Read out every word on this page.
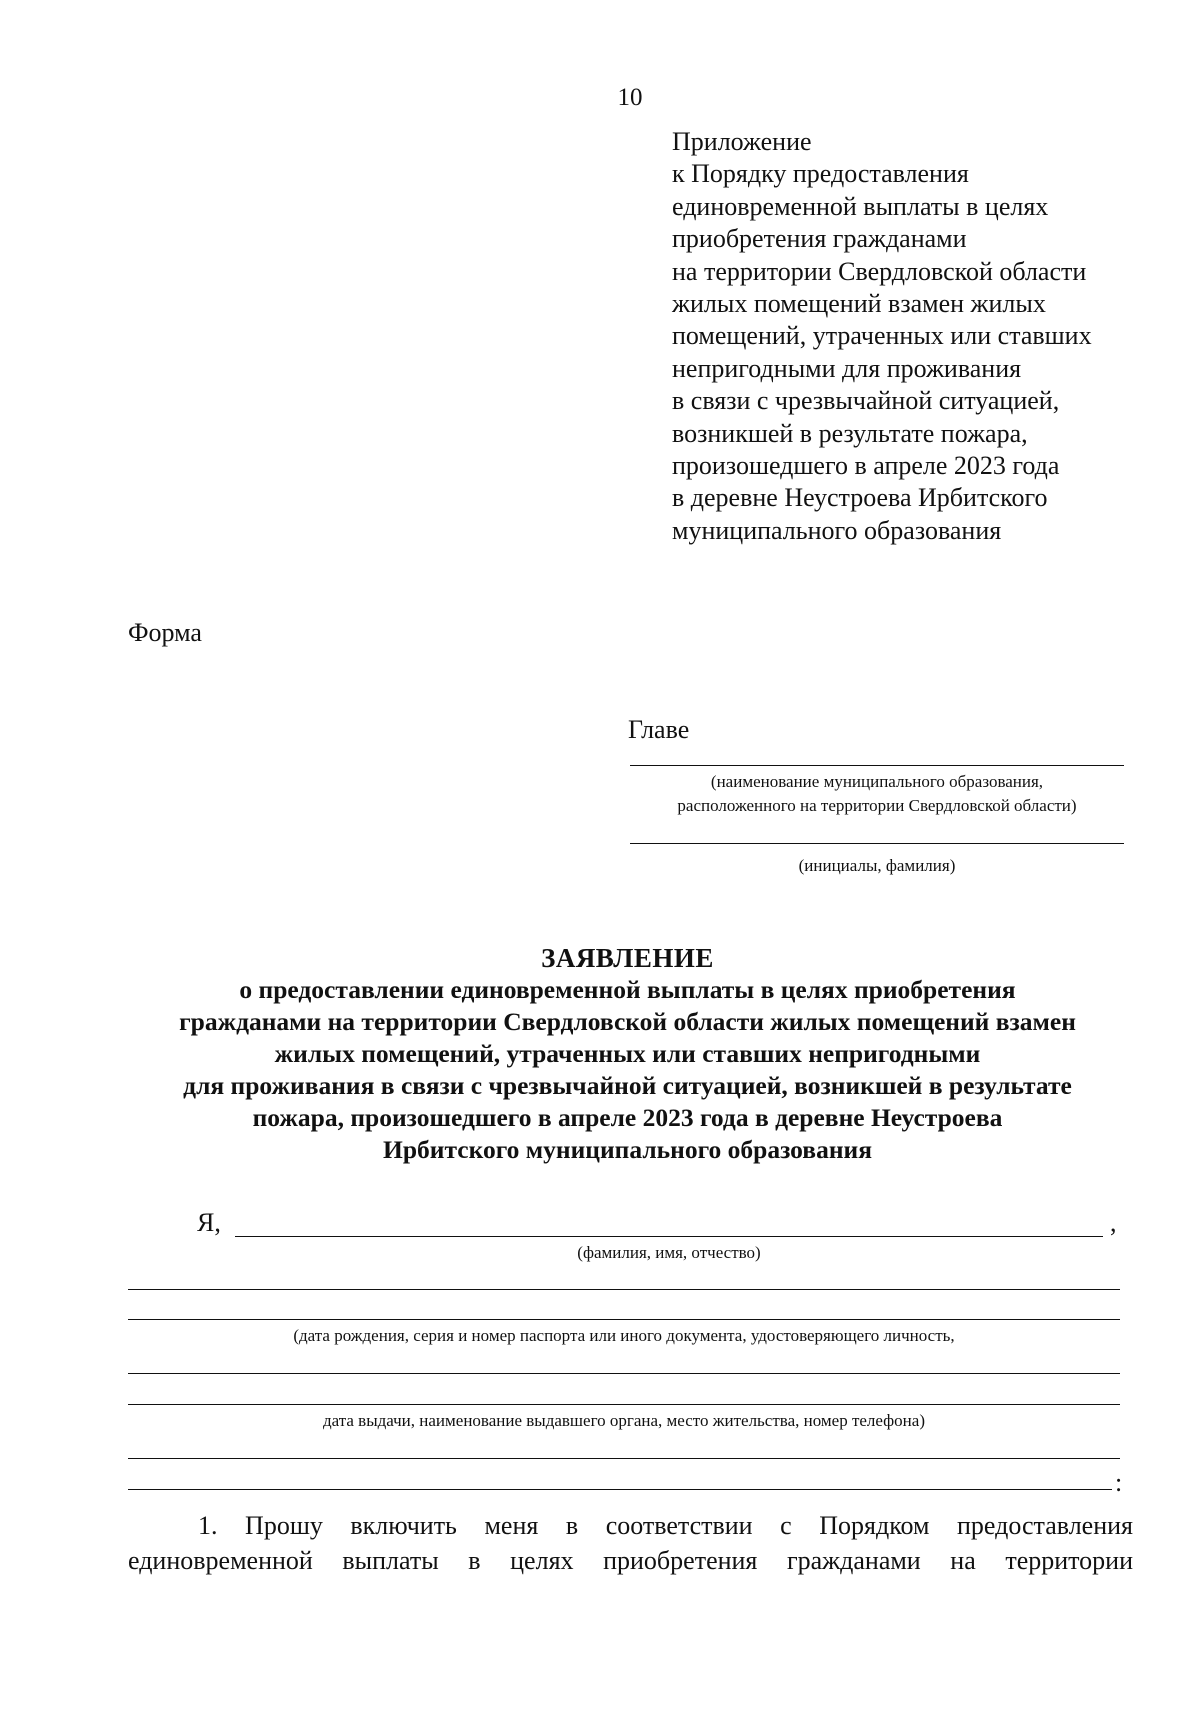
10
Приложение
к Порядку предоставления
единовременной выплаты в целях
приобретения гражданами
на территории Свердловской области
жилых помещений взамен жилых
помещений, утраченных или ставших
непригодными для проживания
в связи с чрезвычайной ситуацией,
возникшей в результате пожара,
произошедшего в апреле 2023 года
в деревне Неустроева Ирбитского
муниципального образования
Форма
Главе
(наименование муниципального образования,
расположенного на территории Свердловской области)
(инициалы, фамилия)
ЗАЯВЛЕНИЕ
о предоставлении единовременной выплаты в целях приобретения
гражданами на территории Свердловской области жилых помещений взамен
жилых помещений, утраченных или ставших непригодными
для проживания в связи с чрезвычайной ситуацией, возникшей в результате
пожара, произошедшего в апреле 2023 года в деревне Неустроева
Ирбитского муниципального образования
Я,	,
(фамилия, имя, отчество)
(дата рождения, серия и номер паспорта или иного документа, удостоверяющего личность,
дата выдачи, наименование выдавшего органа, место жительства, номер телефона)
:
1. Прошу включить меня в соответствии с Порядком предоставления
единовременной выплаты в целях приобретения гражданами на территории
